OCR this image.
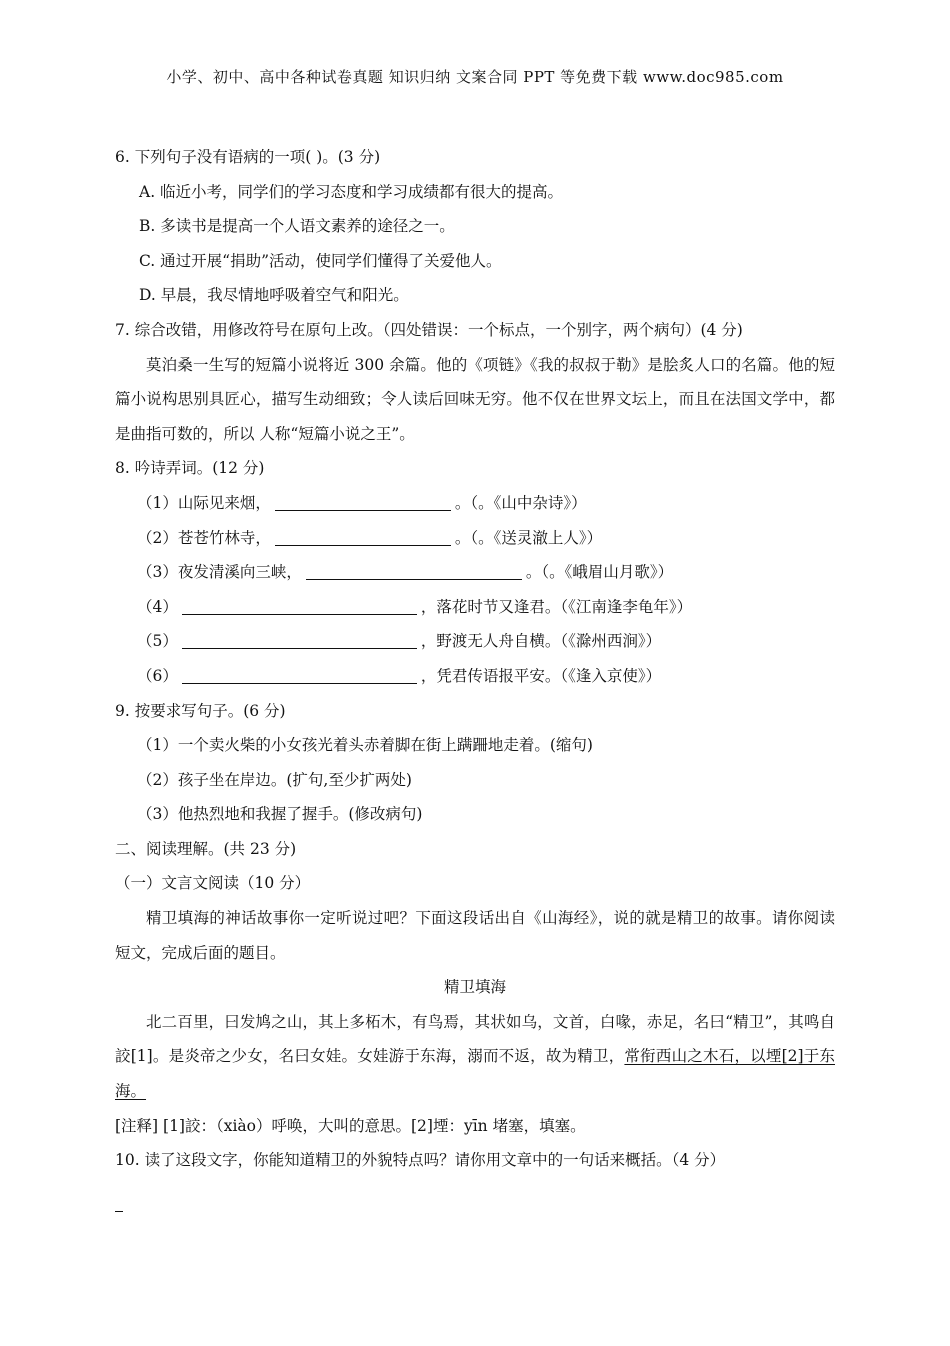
小学、初中、高中各种试卷真题 知识归纳 文案合同 PPT 等免费下载 www.doc985.com
6. 下列句子没有语病的一项( )。(3 分)
A. 临近小考，同学们的学习态度和学习成绩都有很大的提高。
B. 多读书是提高一个人语文素养的途径之一。
C. 通过开展“捐助”活动，使同学们懂得了关爱他人。
D. 早晨，我尽情地呼吸着空气和阳光。
7. 综合改错，用修改符号在原句上改。（四处错误：一个标点，一个别字，两个病句）(4 分)
莫泊桑一生写的短篇小说将近 300 余篇。他的《项链》《我的叔叔于勒》是脍炙人口的名篇。他的短篇小说构思别具匠心，描写生动细致；令人读后回味无穷。他不仅在世界文坛上，而且在法国文学中，都是曲指可数的，所以 人称“短篇小说之王”。
8. 吟诗弄词。(12 分)
（1）山际见来烟，	。（。《山中杂诗》）
（2）苍苍竹林寺，	。（。《送灵澈上人》）
（3）夜发清溪向三峡，	。（。《峨眉山月歌》）
（4）	，落花时节又逢君。（《江南逢李龟年》）
（5）	，野渡无人舟自横。（《滁州西涧》）
（6）	，凭君传语报平安。（《逢入京使》）
9. 按要求写句子。(6 分)
（1）一个卖火柴的小女孩光着头赤着脚在街上蹒跚地走着。(缩句)
（2）孩子坐在岸边。(扩句,至少扩两处)
（3）他热烈地和我握了握手。(修改病句)
二、阅读理解。(共 23 分)
（一）文言文阅读（10 分）
精卫填海的神话故事你一定听说过吧？下面这段话出自《山海经》，说的就是精卫的故事。请你阅读短文，完成后面的题目。
精卫填海
北二百里，曰发鸠之山，其上多柘木，有鸟焉，其状如乌，文首，白喙，赤足，名曰“精卫”，其鸣自詨[1]。是炎帝之少女，名曰女娃。女娃游于东海，溺而不返，故为精卫，常衔西山之木石，以堙[2]于东海。
[注释] [1]詨：（xiào）呼唤，大叫的意思。[2]堙：yīn 堵塞，填塞。
10. 读了这段文字，你能知道精卫的外貌特点吗？请你用文章中的一句话来概括。（4 分）
